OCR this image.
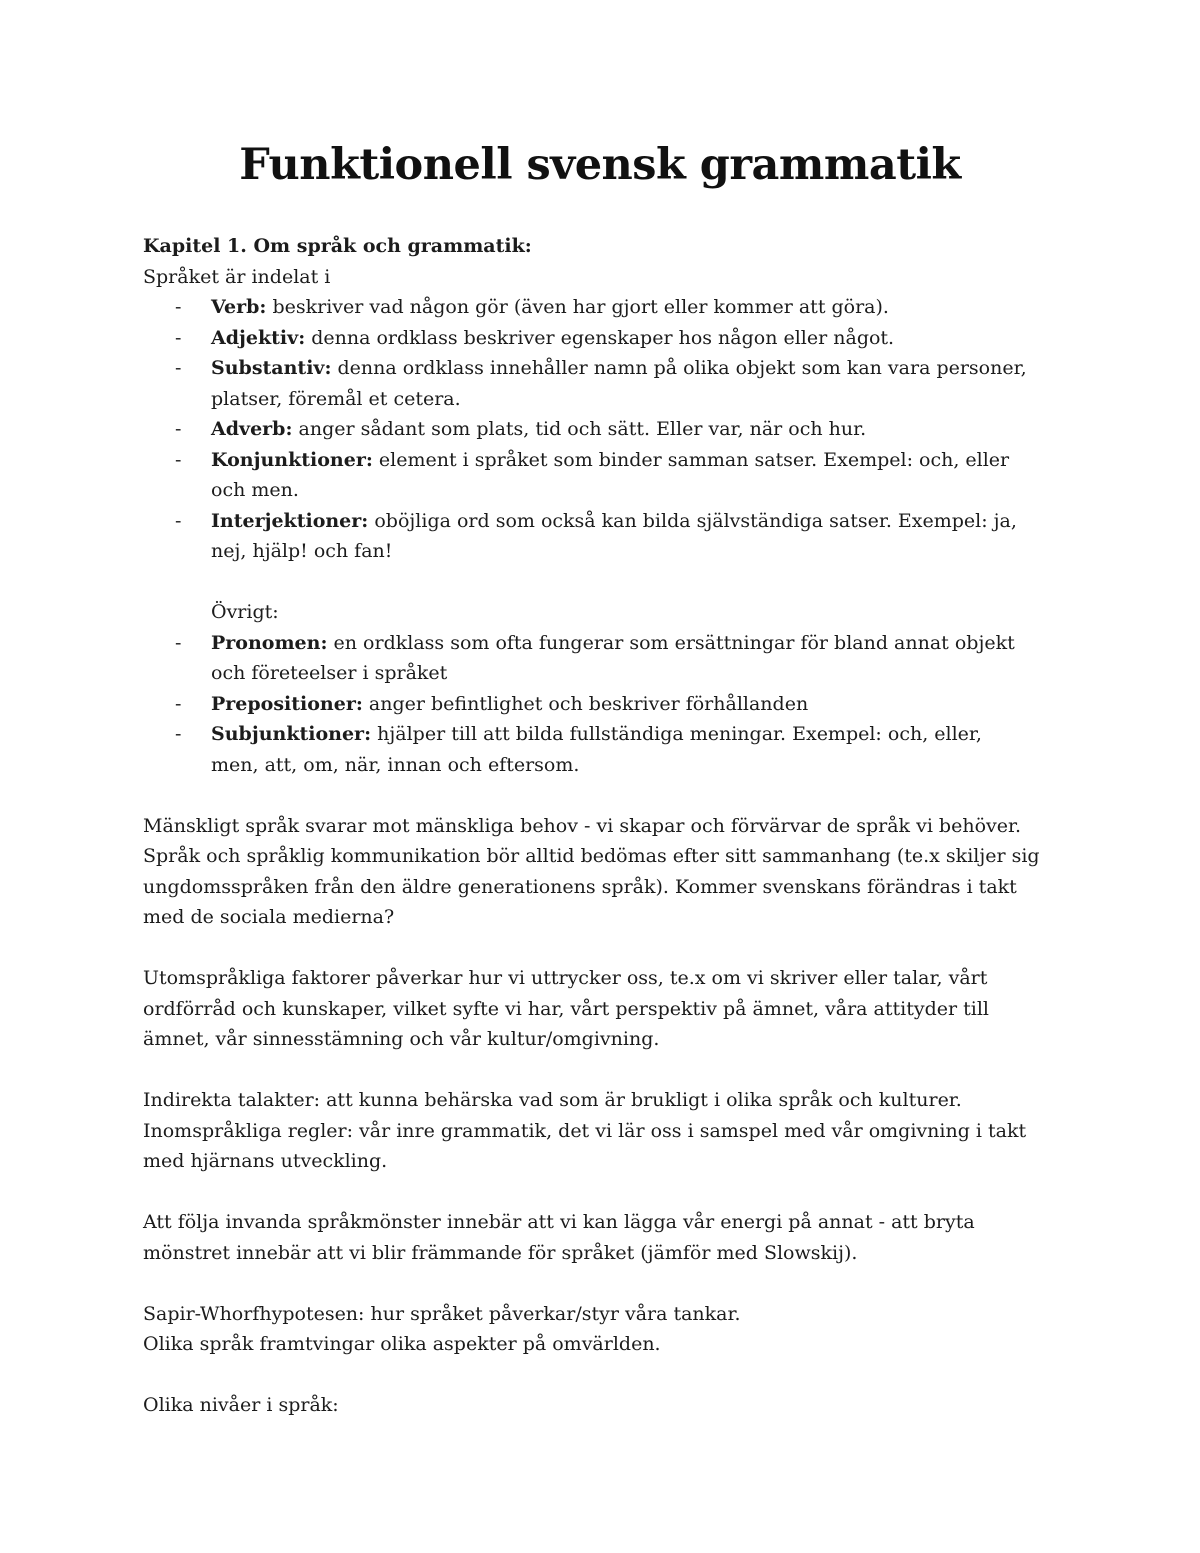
Funktionell svensk grammatik
Kapitel 1. Om språk och grammatik:
Språket är indelat i
- Verb: beskriver vad någon gör (även har gjort eller kommer att göra).
- Adjektiv: denna ordklass beskriver egenskaper hos någon eller något.
- Substantiv: denna ordklass innehåller namn på olika objekt som kan vara personer,
platser, föremål et cetera.
- Adverb: anger sådant som plats, tid och sätt. Eller var, när och hur.
- Konjunktioner: element i språket som binder samman satser. Exempel: och, eller
och men.
- Interjektioner: oböjliga ord som också kan bilda självständiga satser. Exempel: ja,
nej, hjälp! och fan!
Övrigt:
- Pronomen: en ordklass som ofta fungerar som ersättningar för bland annat objekt
och företeelser i språket
- Prepositioner: anger befintlighet och beskriver förhållanden
- Subjunktioner: hjälper till att bilda fullständiga meningar. Exempel: och, eller,
men, att, om, när, innan och eftersom.
Mänskligt språk svarar mot mänskliga behov - vi skapar och förvärvar de språk vi behöver.
Språk och språklig kommunikation bör alltid bedömas efter sitt sammanhang (te.x skiljer sig
ungdomsspråken från den äldre generationens språk). Kommer svenskans förändras i takt
med de sociala medierna?
Utomspråkliga faktorer påverkar hur vi uttrycker oss, te.x om vi skriver eller talar, vårt
ordförråd och kunskaper, vilket syfte vi har, vårt perspektiv på ämnet, våra attityder till
ämnet, vår sinnesstämning och vår kultur/omgivning.
Indirekta talakter: att kunna behärska vad som är brukligt i olika språk och kulturer.
Inomspråkliga regler: vår inre grammatik, det vi lär oss i samspel med vår omgivning i takt
med hjärnans utveckling.
Att följa invanda språkmönster innebär att vi kan lägga vår energi på annat - att bryta
mönstret innebär att vi blir främmande för språket (jämför med Slowskij).
Sapir-Whorfhypotesen: hur språket påverkar/styr våra tankar.
Olika språk framtvingar olika aspekter på omvärlden.
Olika nivåer i språk:
